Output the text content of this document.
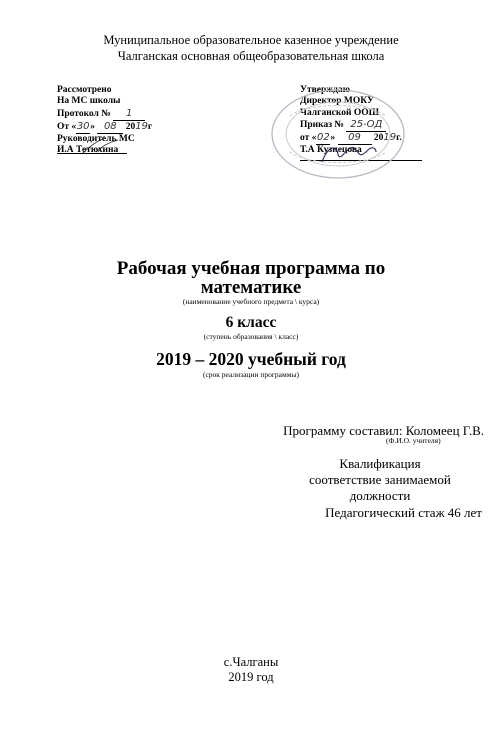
Муниципальное образовательное казенное учреждение
Чалганская основная общеобразовательная школа
Рассмотрено
На МС школы
Протокол № 1
От «30» 08 2019г
Руководитель МС
И.А Тетюхина
Утверждаю
Директор МОКУ
Чалганской ООШ
Приказ № 25-ОД
от «02» 09 2019г.
Т.А Кузнецова
Рабочая учебная программа по
математике
(наименование учебного предмета \ курса)
6 класс
(ступень образования \ класс)
2019 – 2020 учебный год
(срок реализации программы)
Программу составил: Коломеец Г.В.
(Ф.И.О. учителя)
Квалификация
соответствие занимаемой
должности
Педагогический стаж 46 лет
с.Чалганы
2019 год
